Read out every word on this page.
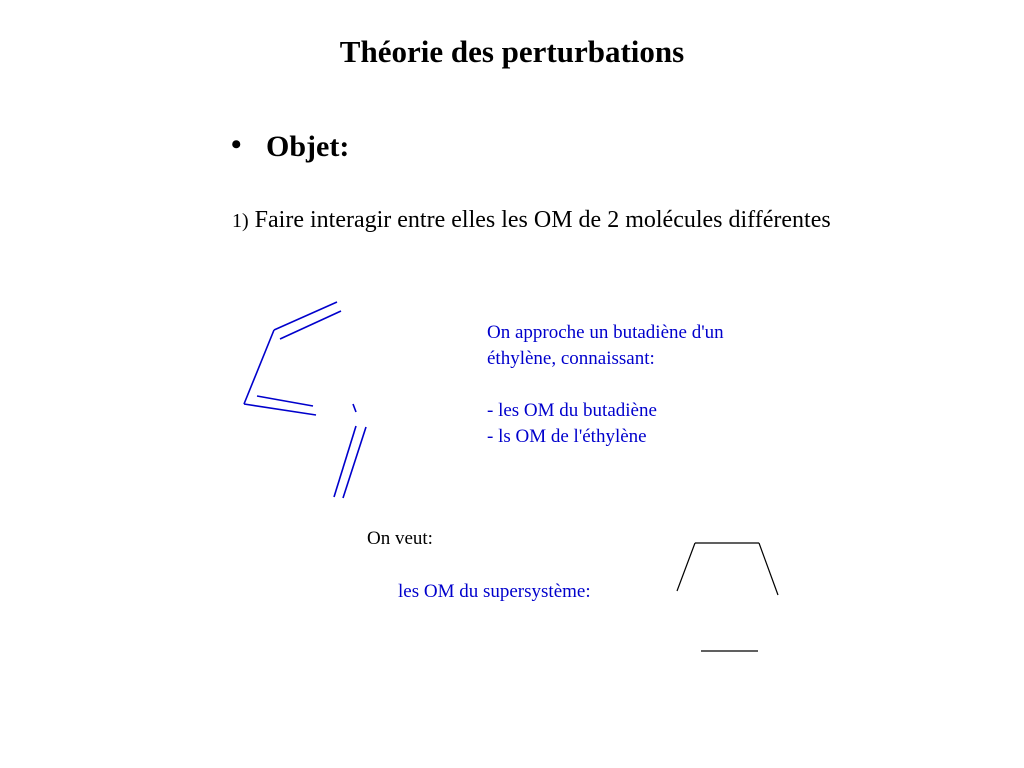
Théorie des perturbations
• Objet:
1) Faire interagir entre elles les OM de 2 molécules différentes

On approche un butadiène d'un

éthylène, connaissant:

- les OM du butadiène

- ls OM de l'éthylène

On veut:
les OM du supersystème:
